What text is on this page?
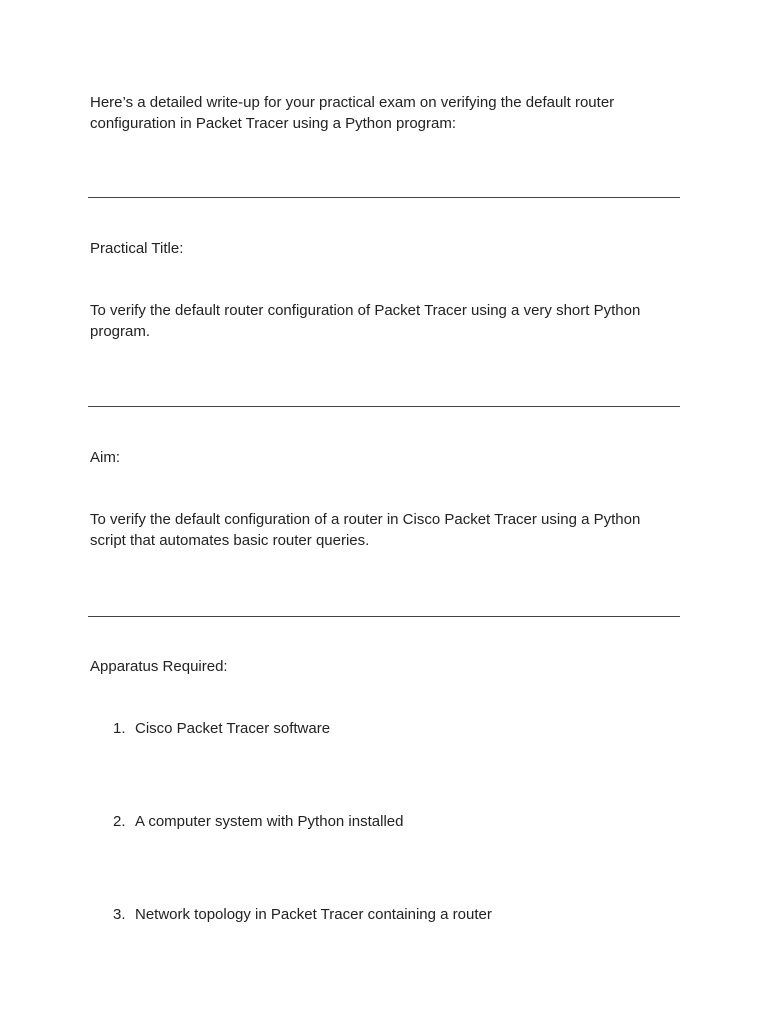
Here’s a detailed write-up for your practical exam on verifying the default router configuration in Packet Tracer using a Python program:

Practical Title:

To verify the default router configuration of Packet Tracer using a very short Python program.

Aim:

To verify the default configuration of a router in Cisco Packet Tracer using a Python script that automates basic router queries.

Apparatus Required:

1. Cisco Packet Tracer software
2. A computer system with Python installed
3. Network topology in Packet Tracer containing a router
